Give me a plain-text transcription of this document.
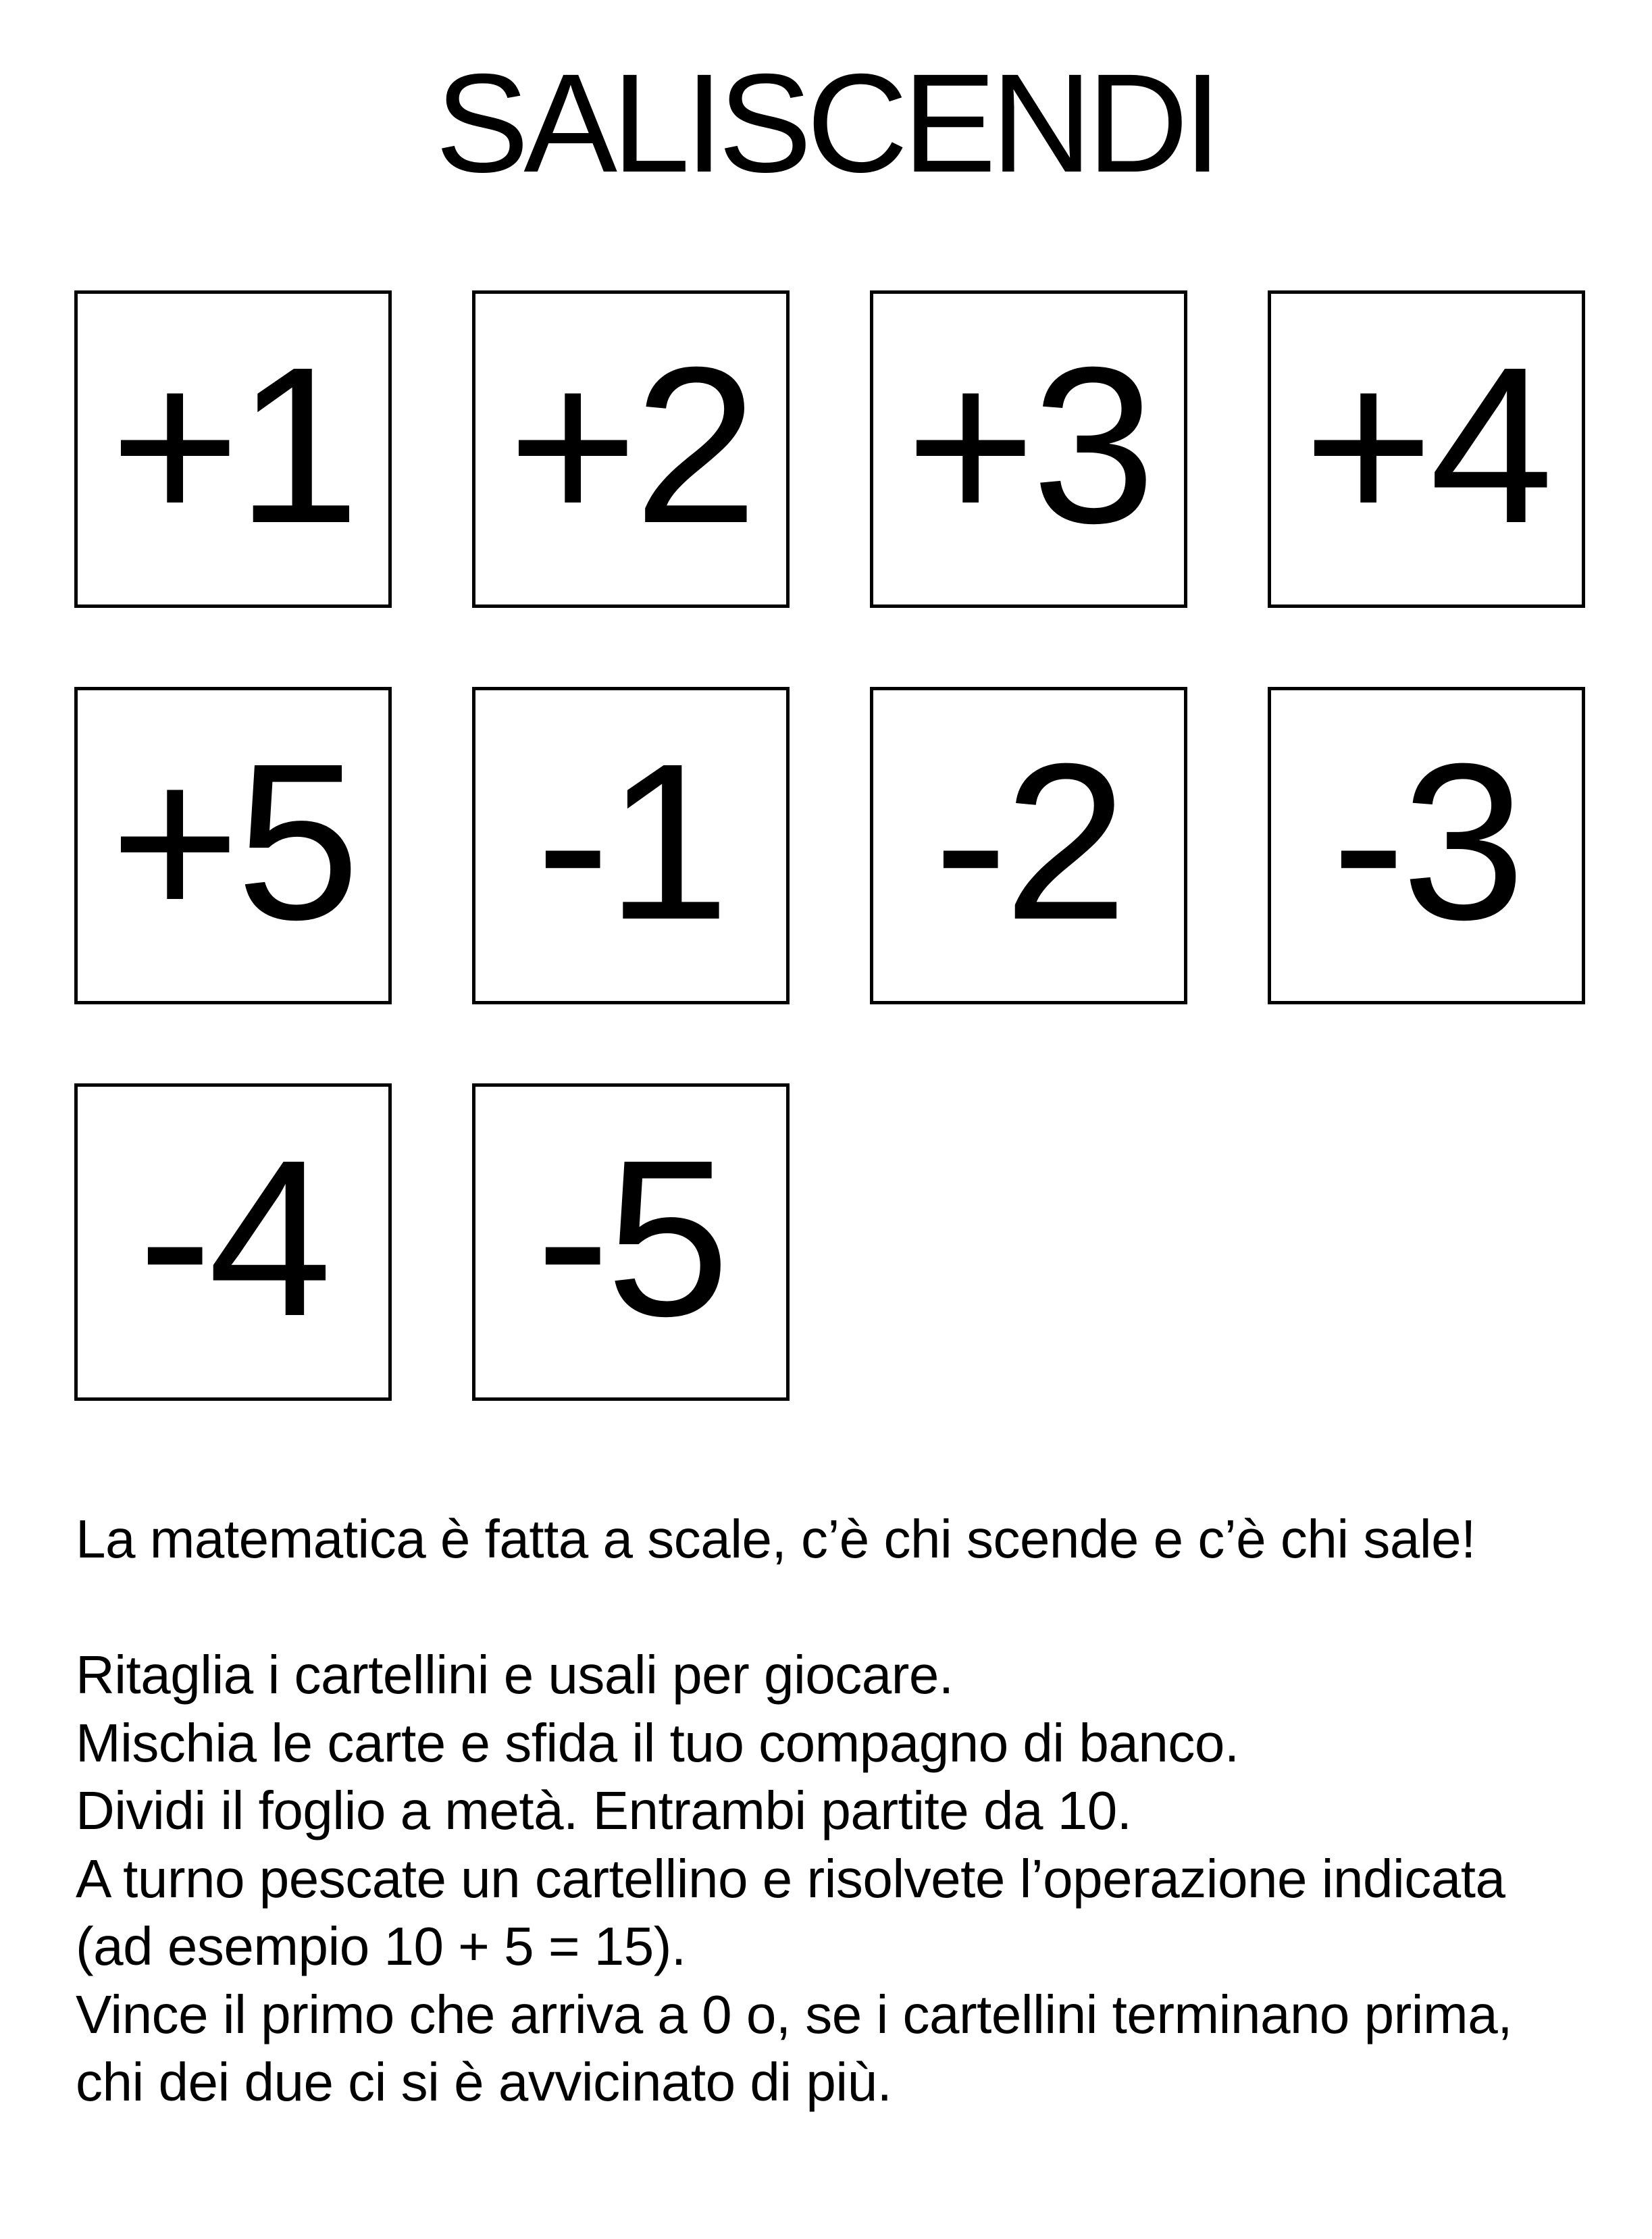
SALISCENDI
+1 +2 +3 +4
+5 -1 -2 -3
-4 -5
La matematica è fatta a scale, c’è chi scende e c’è chi sale!
Ritaglia i cartellini e usali per giocare.
Mischia le carte e sfida il tuo compagno di banco.
Dividi il foglio a metà. Entrambi partite da 10.
A turno pescate un cartellino e risolvete l’operazione indicata
(ad esempio 10 + 5 = 15).
Vince il primo che arriva a 0 o, se i cartellini terminano prima,
chi dei due ci si è avvicinato di più.
